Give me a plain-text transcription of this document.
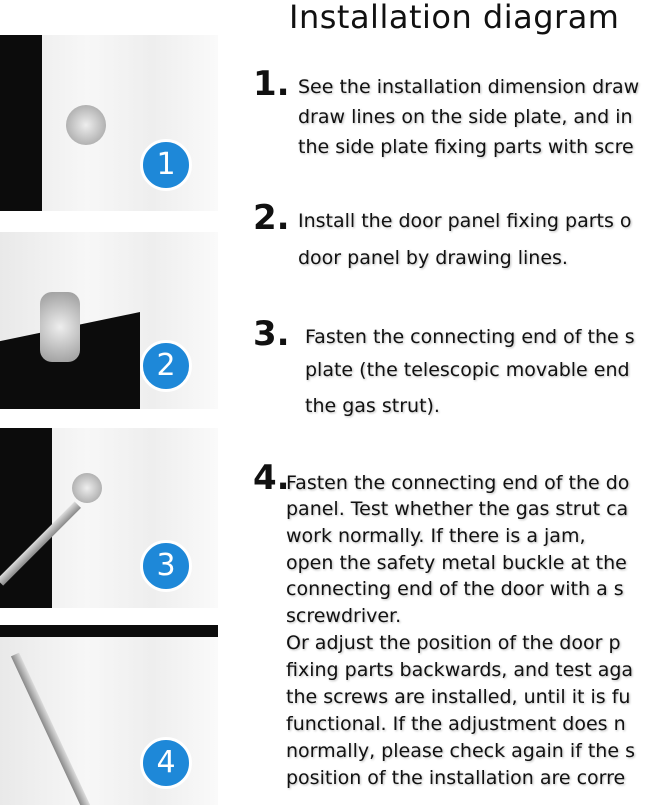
Installation diagram
1
2
3
4
1. See the installation dimension draw
draw lines on the side plate, and in
the side plate fixing parts with scre
2. Install the door panel fixing parts o
door panel by drawing lines.
3. Fasten the connecting end of the s
plate (the telescopic movable end
the gas strut).
4.
Fasten the connecting end of the do
panel. Test whether the gas strut ca
work normally. If there is a jam,
open the safety metal buckle at the
connecting end of the door with a s
screwdriver.
Or adjust the position of the door p
fixing parts backwards, and test aga
the screws are installed, until it is fu
functional. If the adjustment does n
normally, please check again if the s
position of the installation are corre
